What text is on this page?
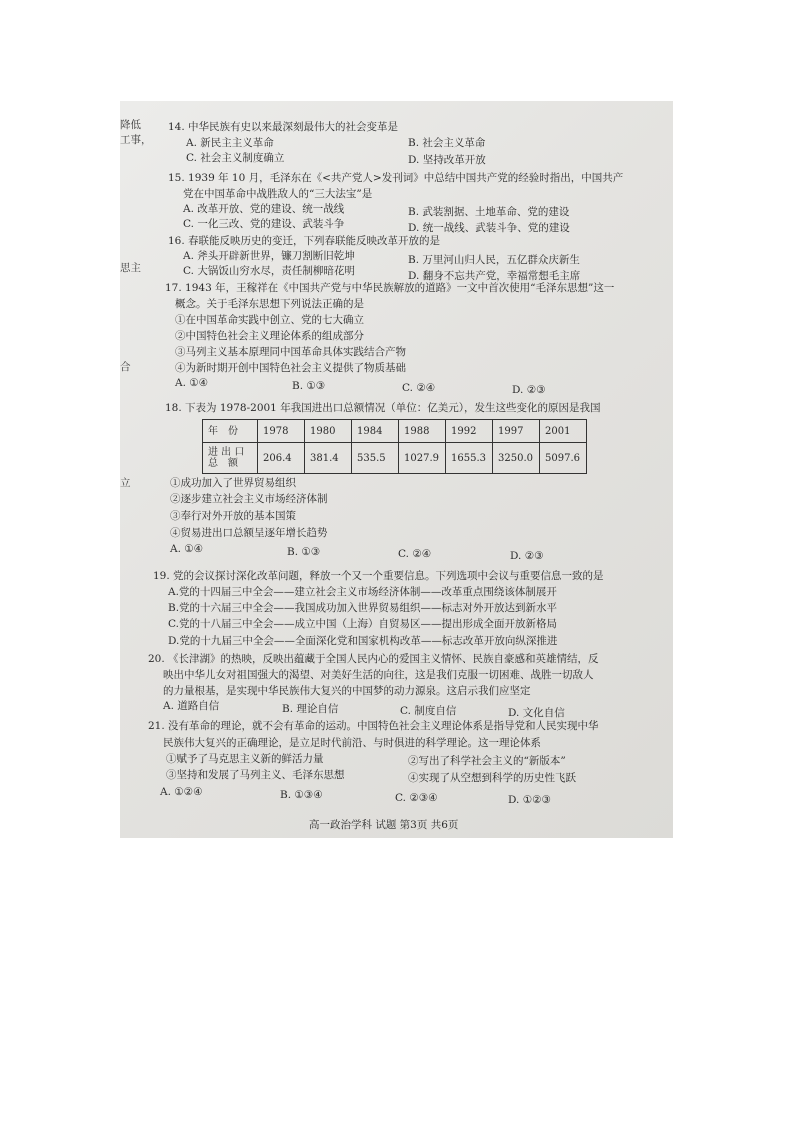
降低
工事，
思主
合
立
14. 中华民族有史以来最深刻最伟大的社会变革是
A. 新民主主义革命	B. 社会主义革命
C. 社会主义制度确立	D. 坚持改革开放
15. 1939 年 10 月，毛泽东在《<共产党人>发刊词》中总结中国共产党的经验时指出，中国共产
党在中国革命中战胜敌人的“三大法宝”是
A. 改革开放、党的建设、统一战线	B. 武装割据、土地革命、党的建设
C. 一化三改、党的建设、武装斗争	D. 统一战线、武装斗争、党的建设
16. 春联能反映历史的变迁，下列春联能反映改革开放的是
A. 斧头开辟新世界，镰刀割断旧乾坤	B. 万里河山归人民，五亿群众庆新生
C. 大锅饭山穷水尽，责任制柳暗花明	D. 翻身不忘共产党，幸福常想毛主席
17. 1943 年，王稼祥在《中国共产党与中华民族解放的道路》一文中首次使用“毛泽东思想”这一
概念。关于毛泽东思想下列说法正确的是
①在中国革命实践中创立、党的七大确立
②中国特色社会主义理论体系的组成部分
③马列主义基本原理同中国革命具体实践结合产物
④为新时期开创中国特色社会主义提供了物质基础
A. ①④	B. ①③	C. ②④	D. ②③
18. 下表为 1978-2001 年我国进出口总额情况（单位：亿美元），发生这些变化的原因是我国
年　份	1978	1980	1984	1988	1992	1997	2001
进 出 口
总　额	206.4	381.4	535.5	1027.9	1655.3	3250.0	5097.6
①成功加入了世界贸易组织
②逐步建立社会主义市场经济体制
③奉行对外开放的基本国策
④贸易进出口总额呈逐年增长趋势
A. ①④	B. ①③	C. ②④	D. ②③
19. 党的会议探讨深化改革问题，释放一个又一个重要信息。下列选项中会议与重要信息一致的是
A.党的十四届三中全会——建立社会主义市场经济体制——改革重点围绕该体制展开
B.党的十六届三中全会——我国成功加入世界贸易组织——标志对外开放达到新水平
C.党的十八届三中全会——成立中国（上海）自贸易区——提出形成全面开放新格局
D.党的十九届三中全会——全面深化党和国家机构改革——标志改革开放向纵深推进
20. 《长津湖》的热映，反映出蕴藏于全国人民内心的爱国主义情怀、民族自豪感和英雄情结，反
映出中华儿女对祖国强大的渴望、对美好生活的向往，这是我们克服一切困难、战胜一切敌人
的力量根基，是实现中华民族伟大复兴的中国梦的动力源泉。这启示我们应坚定
A. 道路自信	B. 理论自信	C. 制度自信	D. 文化自信
21. 没有革命的理论，就不会有革命的运动。中国特色社会主义理论体系是指导党和人民实现中华
民族伟大复兴的正确理论，是立足时代前沿、与时俱进的科学理论。这一理论体系
①赋予了马克思主义新的鲜活力量	②写出了科学社会主义的“新版本”
③坚持和发展了马列主义、毛泽东思想	④实现了从空想到科学的历史性飞跃
A. ①②④	B. ①③④	C. ②③④	D. ①②③
高一政治学科 试题 第3页 共6页
